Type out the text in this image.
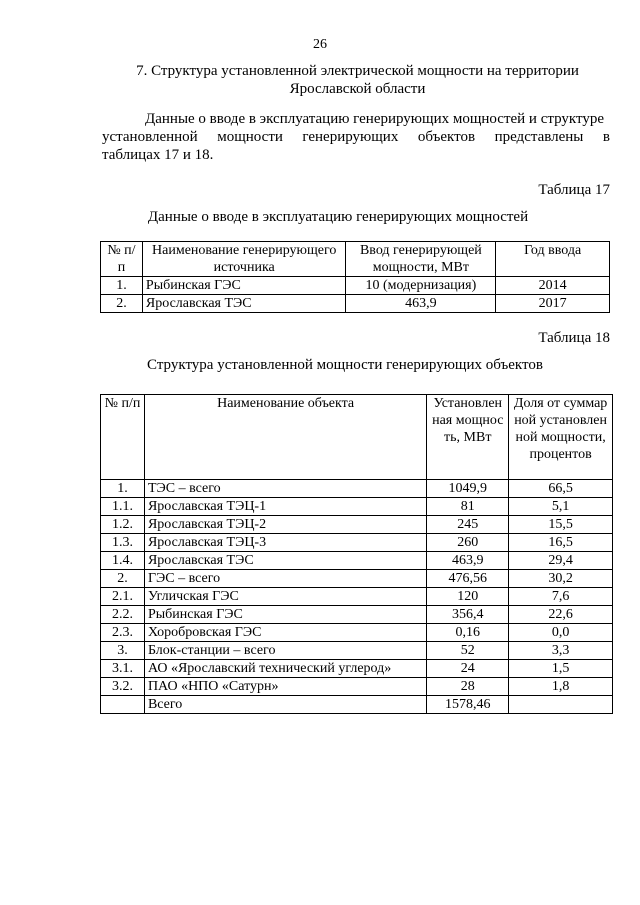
26
7. Структура установленной электрической мощности на территории
Ярославской области
Данные о вводе в эксплуатацию генерирующих мощностей и структуре
установленной мощности генерирующих объектов представлены в
таблицах 17 и 18.
Таблица 17
Данные о вводе в эксплуатацию генерирующих мощностей
№ п/п	Наименование генерирующего источника	Ввод генерирующей мощности, МВт	Год ввода
1.	Рыбинская ГЭС	10 (модернизация)	2014
2.	Ярославская ТЭС	463,9	2017
Таблица 18
Структура установленной мощности генерирующих объектов
№ п/п	Наименование объекта	Установленная мощность, МВт	Доля от суммарной установленной мощности, процентов
1.	ТЭС – всего	1049,9	66,5
1.1.	Ярославская ТЭЦ-1	81	5,1
1.2.	Ярославская ТЭЦ-2	245	15,5
1.3.	Ярославская ТЭЦ-3	260	16,5
1.4.	Ярославская ТЭС	463,9	29,4
2.	ГЭС – всего	476,56	30,2
2.1.	Угличская ГЭС	120	7,6
2.2.	Рыбинская ГЭС	356,4	22,6
2.3.	Хоробровская ГЭС	0,16	0,0
3.	Блок-станции – всего	52	3,3
3.1.	АО «Ярославский технический углерод»	24	1,5
3.2.	ПАО «НПО «Сатурн»	28	1,8
	Всего	1578,46	
